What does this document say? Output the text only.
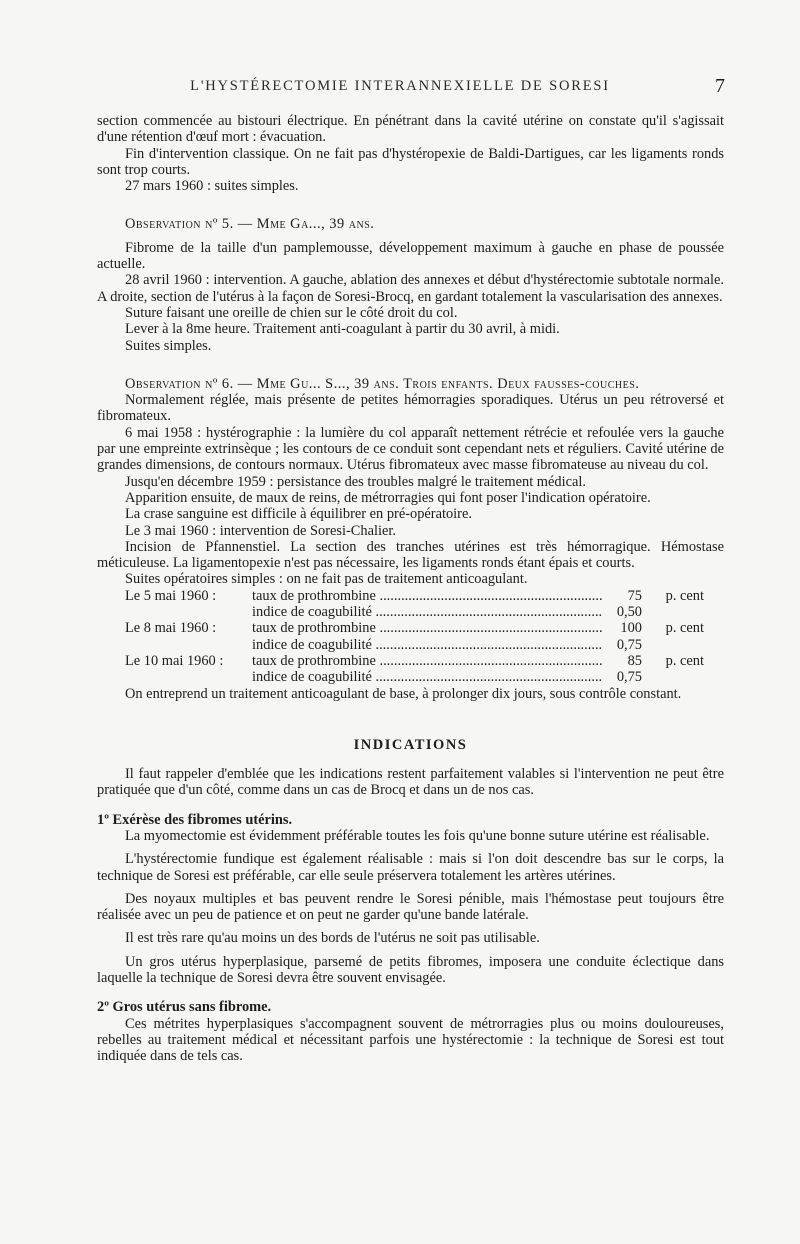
L'HYSTÉRECTOMIE INTERANNEXIELLE DE SORESI	7

section commencée au bistouri électrique. En pénétrant dans la cavité utérine on constate qu'il s'agissait d'une rétention d'œuf mort : évacuation.

Fin d'intervention classique. On ne fait pas d'hystéropexie de Baldi-Dartigues, car les ligaments ronds sont trop courts.

27 mars 1960 : suites simples.

Observation nº 5. — Mme Ga..., 39 ans.

Fibrome de la taille d'un pamplemousse, développement maximum à gauche en phase de poussée actuelle.

28 avril 1960 : intervention. A gauche, ablation des annexes et début d'hystérectomie subtotale normale. A droite, section de l'utérus à la façon de Soresi-Brocq, en gardant totalement la vascularisation des annexes.

Suture faisant une oreille de chien sur le côté droit du col.

Lever à la 8me heure. Traitement anti-coagulant à partir du 30 avril, à midi.

Suites simples.

Observation nº 6. — Mme Gu... S..., 39 ans. Trois enfants. Deux fausses-couches.

Normalement réglée, mais présente de petites hémorragies sporadiques. Utérus un peu rétroversé et fibromateux.

6 mai 1958 : hystérographie : la lumière du col apparaît nettement rétrécie et refoulée vers la gauche par une empreinte extrinsèque ; les contours de ce conduit sont cependant nets et réguliers. Cavité utérine de grandes dimensions, de contours normaux. Utérus fibromateux avec masse fibromateuse au niveau du col.

Jusqu'en décembre 1959 : persistance des troubles malgré le traitement médical.

Apparition ensuite, de maux de reins, de métrorragies qui font poser l'indication opératoire.

La crase sanguine est difficile à équilibrer en pré-opératoire.

Le 3 mai 1960 : intervention de Soresi-Chalier.

Incision de Pfannenstiel. La section des tranches utérines est très hémorragique. Hémostase méticuleuse. La ligamentopexie n'est pas nécessaire, les ligaments ronds étant épais et courts.

Suites opératoires simples : on ne fait pas de traitement anticoagulant.

Le 5 mai 1960 :	taux de prothrombine .....	75	p. cent
indice de coagubilité .....	0,50
Le 8 mai 1960 :	taux de prothrombine .....	100	p. cent
indice de coagubilité .....	0,75
Le 10 mai 1960 :	taux de prothrombine .....	85	p. cent
indice de coagubilité .....	0,75

On entreprend un traitement anticoagulant de base, à prolonger dix jours, sous contrôle constant.

INDICATIONS

Il faut rappeler d'emblée que les indications restent parfaitement valables si l'intervention ne peut être pratiquée que d'un côté, comme dans un cas de Brocq et dans un de nos cas.

1º Exérèse des fibromes utérins.

La myomectomie est évidemment préférable toutes les fois qu'une bonne suture utérine est réalisable.

L'hystérectomie fundique est également réalisable : mais si l'on doit descendre bas sur le corps, la technique de Soresi est préférable, car elle seule préservera totalement les artères utérines.

Des noyaux multiples et bas peuvent rendre le Soresi pénible, mais l'hémostase peut toujours être réalisée avec un peu de patience et on peut ne garder qu'une bande latérale.

Il est très rare qu'au moins un des bords de l'utérus ne soit pas utilisable.

Un gros utérus hyperplasique, parsemé de petits fibromes, imposera une conduite éclectique dans laquelle la technique de Soresi devra être souvent envisagée.

2º Gros utérus sans fibrome.

Ces métrites hyperplasiques s'accompagnent souvent de métrorragies plus ou moins douloureuses, rebelles au traitement médical et nécessitant parfois une hystérectomie : la technique de Soresi est tout indiquée dans de tels cas.
